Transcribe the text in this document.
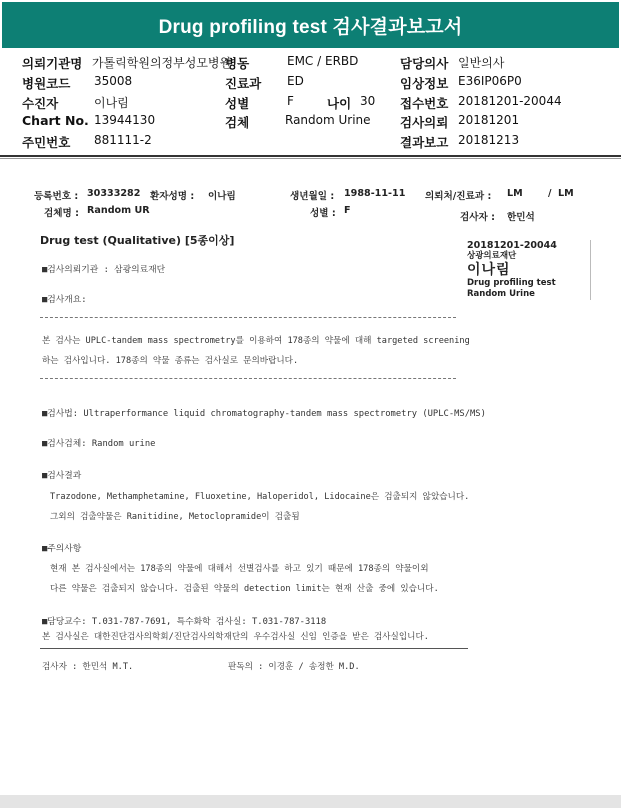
Drug profiling test 검사결과보고서
의뢰기관명 가톨릭학원의정부성모병원
병동	EMC / ERBD	담당의사 일반의사
병원코드 35008	진료과 ED	임상정보 E36IP06P0
수진자	이나림	성별	F	나이 30 접수번호 20181201-20044
Chart No. 13944130	검체	Random Urine 검사의뢰 20181201
주민번호 881111-2	결과보고 20181213
등록번호 : 30333282 환자성명 : 이나림	생년월일 : 1988-11-11 의뢰처/진료과 : LM	/ LM
검체명 : Random UR	성별 : F
검사자 : 한민석
Drug test (Qualitative) [5종이상]	20181201-20044
상광의료재단
이나림
Drug profiling test
Random Urine
■검사의뢰기관 : 삼광의료재단
■검사개요:
본 검사는 UPLC-tandem mass spectrometry를 이용하여 178종의 약물에 대해 targeted screening
하는 검사입니다. 178종의 약물 종류는 검사실로 문의바랍니다.
■검사법: Ultraperformance liquid chromatography-tandem mass spectrometry (UPLC-MS/MS)
■검사검체: Random urine
■검사결과
Trazodone, Methamphetamine, Fluoxetine, Haloperidol, Lidocaine은 검출되지 않았습니다.
그외의 검출약물은 Ranitidine, Metoclopramide이 검출됨
■주의사항
현재 본 검사실에서는 178종의 약물에 대해서 선별검사를 하고 있기 때문에 178종의 약물이외
다른 약물은 검출되지 않습니다. 검출된 약물의 detection limit는 현재 산출 중에 있습니다.
■담당교수: T.031-787-7691, 특수화학 검사실: T.031-787-3118
본 검사실은 대한진단검사의학회/진단검사의학재단의 우수검사실 신임 인증을 받은 검사실입니다.
검사자 : 한민석 M.T.	판독의 : 이경훈 / 송정한 M.D.
